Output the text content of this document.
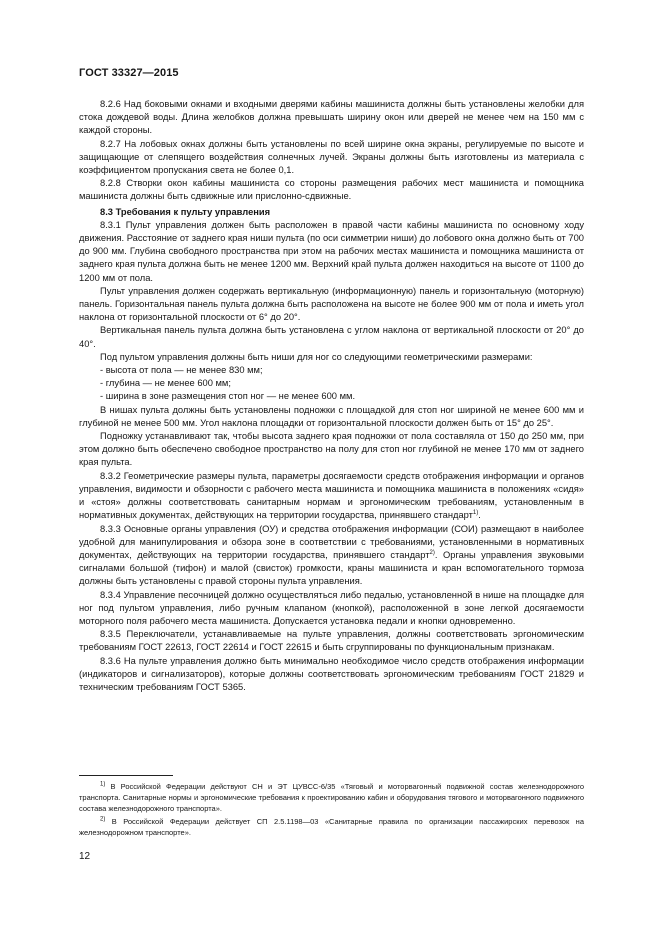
ГОСТ 33327—2015

8.2.6 Над боковыми окнами и входными дверями кабины машиниста должны быть установлены желобки для стока дождевой воды. Длина желобков должна превышать ширину окон или дверей не менее чем на 150 мм с каждой стороны.

8.2.7 На лобовых окнах должны быть установлены по всей ширине окна экраны, регулируемые по высоте и защищающие от слепящего воздействия солнечных лучей. Экраны должны быть изготовлены из материала с коэффициентом пропускания света не более 0,1.

8.2.8 Створки окон кабины машиниста со стороны размещения рабочих мест машиниста и помощника машиниста должны быть сдвижные или прислонно-сдвижные.

8.3 Требования к пульту управления

8.3.1 Пульт управления должен быть расположен в правой части кабины машиниста по основному ходу движения. Расстояние от заднего края ниши пульта (по оси симметрии ниши) до лобового окна должно быть от 700 до 900 мм. Глубина свободного пространства при этом на рабочих местах машиниста и помощника машиниста от заднего края пульта должна быть не менее 1200 мм. Верхний край пульта должен находиться на высоте от 1100 до 1200 мм от пола.

Пульт управления должен содержать вертикальную (информационную) панель и горизонтальную (моторную) панель. Горизонтальная панель пульта должна быть расположена на высоте не более 900 мм от пола и иметь угол наклона от горизонтальной плоскости от 6° до 20°.

Вертикальная панель пульта должна быть установлена с углом наклона от вертикальной плоскости от 20° до 40°.

Под пультом управления должны быть ниши для ног со следующими геометрическими размерами:

- высота от пола — не менее 830 мм;

- глубина — не менее 600 мм;

- ширина в зоне размещения стоп ног — не менее 600 мм.

В нишах пульта должны быть установлены подножки с площадкой для стоп ног шириной не менее 600 мм и глубиной не менее 500 мм. Угол наклона площадки от горизонтальной плоскости должен быть от 15° до 25°.

Подножку устанавливают так, чтобы высота заднего края подножки от пола составляла от 150 до 250 мм, при этом должно быть обеспечено свободное пространство на полу для стоп ног глубиной не менее 170 мм от заднего края пульта.

8.3.2 Геометрические размеры пульта, параметры досягаемости средств отображения информации и органов управления, видимости и обзорности с рабочего места машиниста и помощника машиниста в положениях «сидя» и «стоя» должны соответствовать санитарным нормам и эргономическим требованиям, установленным в нормативных документах, действующих на территории государства, принявшего стандарт$^{1)}$.

8.3.3 Основные органы управления (ОУ) и средства отображения информации (СОИ) размещают в наиболее удобной для манипулирования и обзора зоне в соответствии с требованиями, установленными в нормативных документах, действующих на территории государства, принявшего стандарт$^{2)}$. Органы управления звуковыми сигналами большой (тифон) и малой (свисток) громкости, краны машиниста и кран вспомогательного тормоза должны быть установлены с правой стороны пульта управления.

8.3.4 Управление песочницей должно осуществляться либо педалью, установленной в нише на площадке для ног под пультом управления, либо ручным клапаном (кнопкой), расположенной в зоне легкой досягаемости моторного поля рабочего места машиниста. Допускается установка педали и кнопки одновременно.

8.3.5 Переключатели, устанавливаемые на пульте управления, должны соответствовать эргономическим требованиям ГОСТ 22613, ГОСТ 22614 и ГОСТ 22615 и быть сгруппированы по функциональным признакам.

8.3.6 На пульте управления должно быть минимально необходимое число средств отображения информации (индикаторов и сигнализаторов), которые должны соответствовать эргономическим требованиям ГОСТ 21829 и техническим требованиям ГОСТ 5365.

$^{1)}$ В Российской Федерации действуют СН и ЭТ ЦУВСС-6/35 «Тяговый и моторвагонный подвижной состав железнодорожного транспорта. Санитарные нормы и эргономические требования к проектированию кабин и оборудования тягового и моторвагонного подвижного состава железнодорожного транспорта».

$^{2)}$ В Российской Федерации действует СП 2.5.1198—03 «Санитарные правила по организации пассажирских перевозок на железнодорожном транспорте».

12
